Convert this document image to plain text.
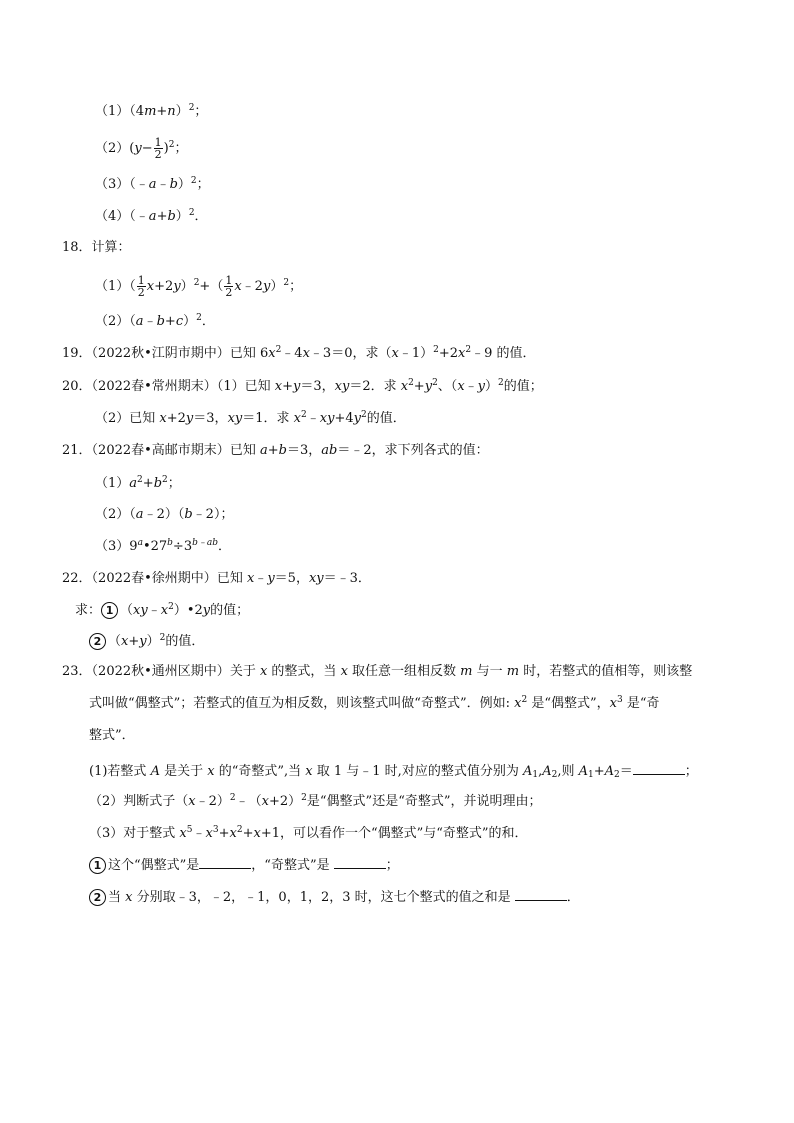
$(1)(4m+n)^2$；
$(2)(y- \frac{1}{2} )^2$；
（3）（﹣a﹣b）$^2$；
（4）（﹣a+b）$^2$．
18．计算：
$(1)( \frac{1}{2} x+2y)^2+( \frac{1}{2}$ x﹣2y）$^2$；
（2）（a﹣b+c）$^2$．
19．（2022秋•江阴市期中）已知 $6x^2﹣4x﹣3=0$，求$(x﹣1)^2+2x^2﹣9$ 的值．
20．（2022春•常州期末）（1）已知 x+y＝3，xy＝2．求 $x^2+y^2$、（x﹣y）$^2$的值；
（2）已知 x+2y＝3，xy＝1．求 $x^2﹣xy+4y^2$的值．
21．（2022春•高邮市期末）已知 a+b＝3，ab＝﹣2，求下列各式的值：
$(1)a^2+b^2$；
（2）（a﹣2）（b﹣2）；
$(3)9^a•27^b\div 3^{b﹣ab}$．
22．（2022春•徐州期中）已知 x﹣y＝5，xy＝﹣3．
求： 1 $(xy﹣x^2)•2y$的值；
2 $(x+y)^2$的值．
23．（2022秋•通州区期中）关于 x 的整式，当 x 取任意一组相反数 m 与一 m 时，若整式的值相等，则该整
式叫做“偶整式”；若整式的值互为相反数，则该整式叫做“奇整式”．例如: $x^2$ 是“偶整式”，$x^3$ 是“奇
整式”．
(1)若整式 A 是关于 x 的“奇整式”,当 x 取 1 与﹣1 时,对应的整式值分别为 $A_1,A_2$,则 $A_1+A_2=$	；
（2）判断式子$(x﹣2)^2﹣(x+2)^2$是“偶整式”还是“奇整式”，并说明理由；
（3）对于整式 $x^5﹣x^3+x^2+x+1$，可以看作一个“偶整式”与“奇整式”的和．
1 这个“偶整式”是	，“奇整式”是	；
2 当 x 分别取﹣3，﹣2，﹣1，0，1，2，3 时，这七个整式的值之和是	．
